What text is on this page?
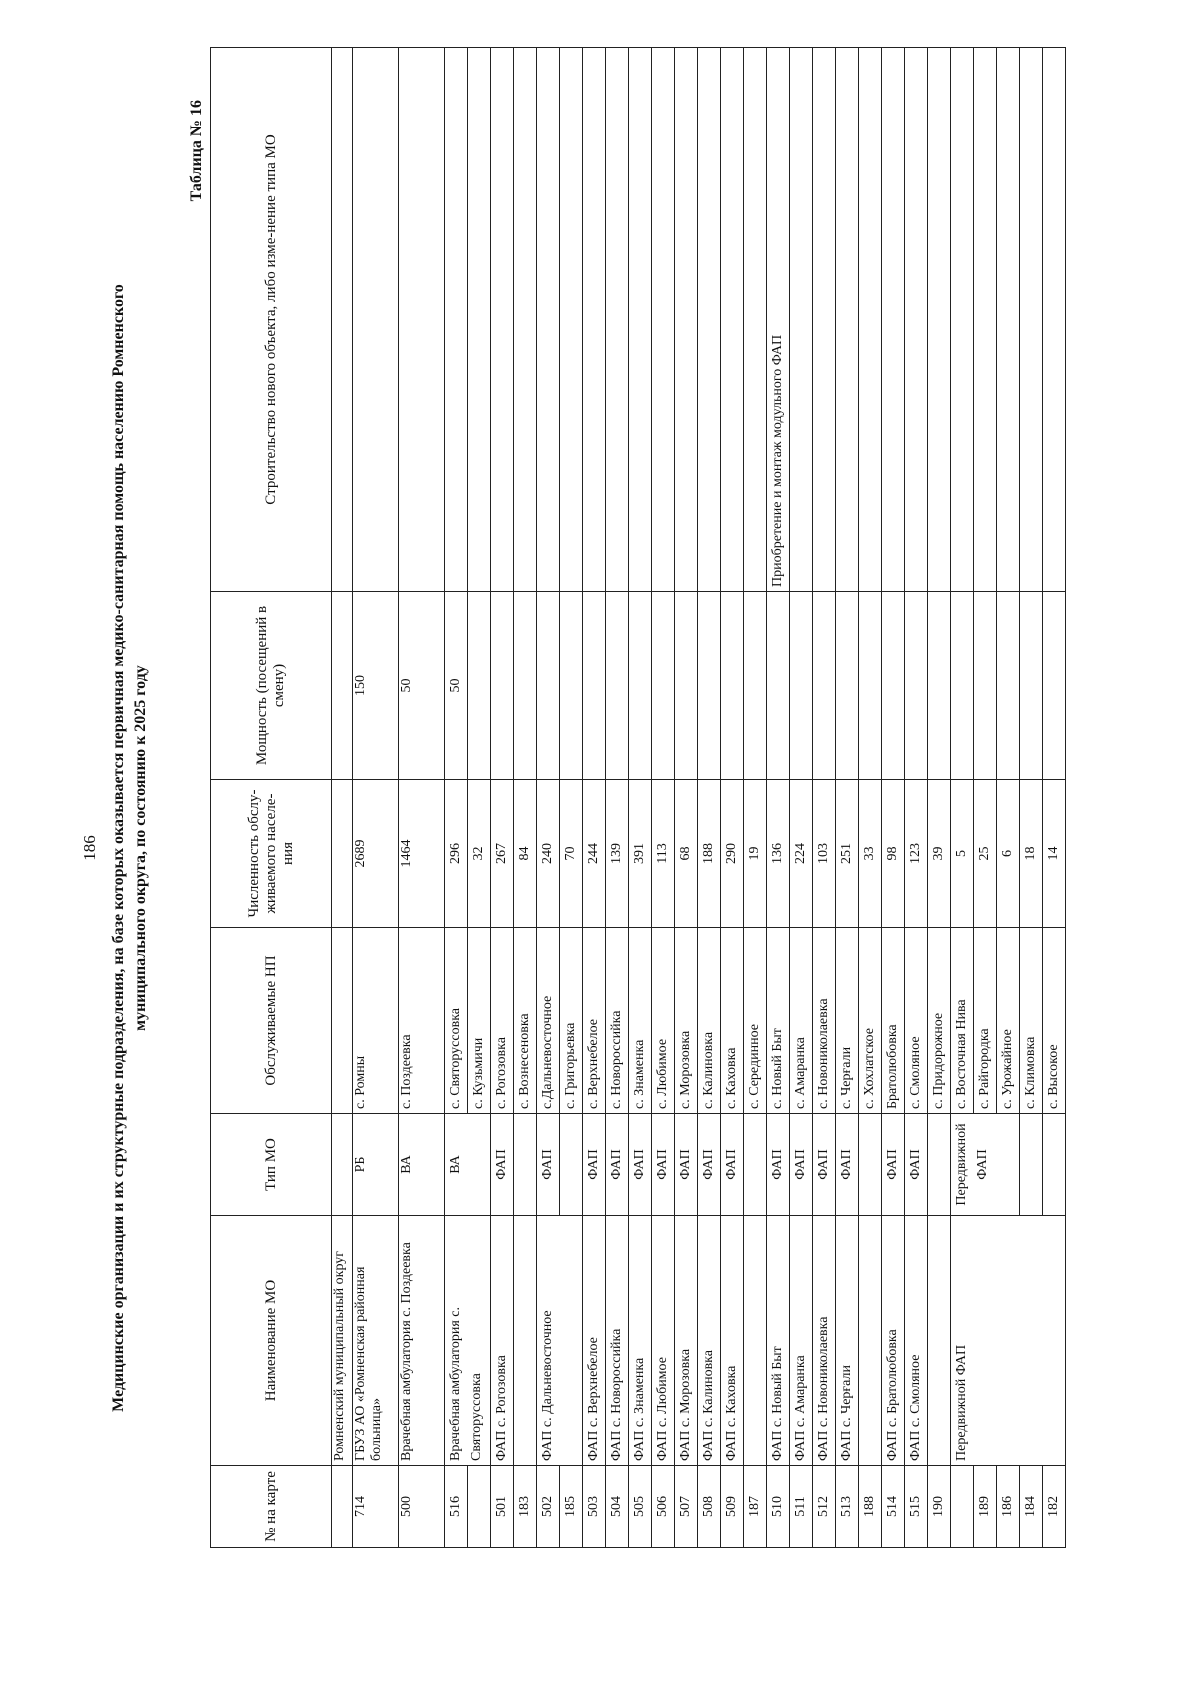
186 Медицинские организации и их структурные подразделения, на базе которых оказывается первичная медико-санитарная помощь населению Ромненского муниципального округа, по состоянию к 2025 году
Таблица № 16
№ на карте	Наименование МО	Тип МО	Обслуживаемые НП	Численность обслу-живаемого населе-ния	Мощность (посещений в смену)	Строительство нового объекта, либо изме-нение типа МО
	Ромненский муниципальный округ					
714	ГБУЗ АО «Ромненская районная больница»	РБ	с. Ромны	2689	150	
500	Врачебная амбулатория с. Поздеевка	ВА	с. Поздеевка	1464	50	
516	Врачебная амбулатория с. Святоруссовка	ВА	с. Святоруссовка	296	50	
			с. Кузьмичи	32		
501	ФАП с. Рогозовка	ФАП	с. Рогозовка	267		
183			с. Вознесеновка	84		
502	ФАП с. Дальневосточное	ФАП	с.Дальневосточное	240		
185			с. Григорьевка	70		
503	ФАП с. Верхнебелое	ФАП	с. Верхнебелое	244		
504	ФАП с. Новороссийка	ФАП	с. Новороссийка	139		
505	ФАП с. Знаменка	ФАП	с. Знаменка	391		
506	ФАП с. Любимое	ФАП	с. Любимое	113		
507	ФАП с. Морозовка	ФАП	с. Морозовка	68		
508	ФАП с. Калиновка	ФАП	с. Калиновка	188		
509	ФАП с. Каховка	ФАП	с. Каховка	290		
187			с. Серединное	19		
510	ФАП с. Новый Быт	ФАП	с. Новый Быт	136		Приобретение и монтаж модульного ФАП
511	ФАП с. Амаранка	ФАП	с. Амаранка	224		
512	ФАП с. Новониколаевка	ФАП	с. Новониколаевка	103		
513	ФАП с. Черғали	ФАП	с. Черғали	251		
188			с. Хохлатское	33		
514	ФАП с. Братолюбовка	ФАП	Братолюбовка	98		
515	ФАП с. Смоляное	ФАП	с. Смоляное	123		
190			с. Придорожное	39		
	Передвижной ФАП	Передвижной ФАП	с. Восточная Нива	5		
189			с. Райгородка	25		
186			с. Урожайное	6		
184			с. Климовка	18		
182			с. Высокое	14		
